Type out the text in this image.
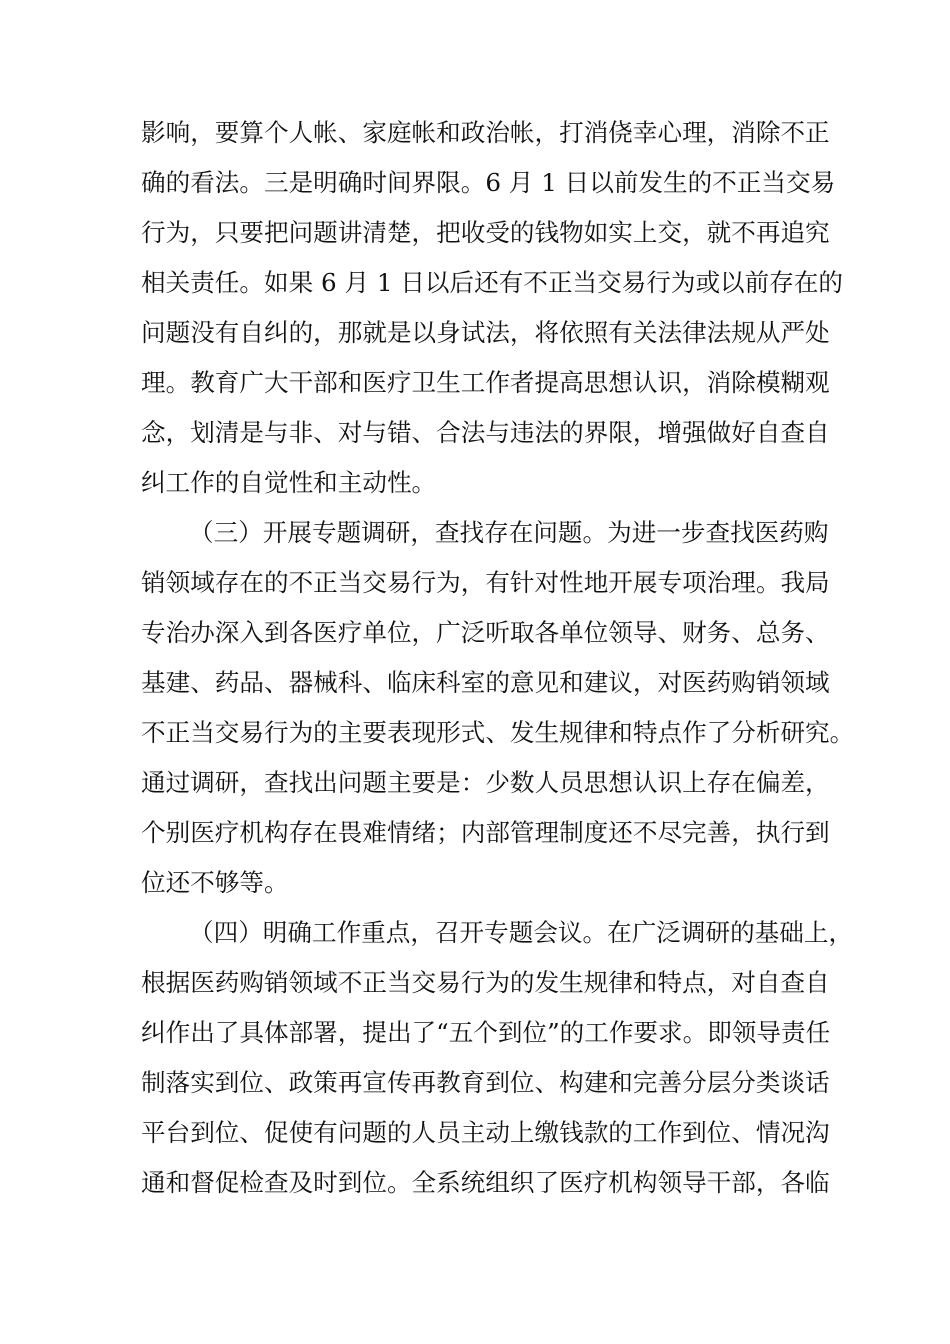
影响，要算个人帐、家庭帐和政治帐，打消侥幸心理，消除不正
确的看法。三是明确时间界限。6 月 1 日以前发生的不正当交易
行为，只要把问题讲清楚，把收受的钱物如实上交，就不再追究
相关责任。如果 6 月 1 日以后还有不正当交易行为或以前存在的
问题没有自纠的，那就是以身试法，将依照有关法律法规从严处
理。教育广大干部和医疗卫生工作者提高思想认识，消除模糊观
念，划清是与非、对与错、合法与违法的界限，增强做好自查自
纠工作的自觉性和主动性。
（三）开展专题调研，查找存在问题。为进一步查找医药购
销领域存在的不正当交易行为，有针对性地开展专项治理。我局
专治办深入到各医疗单位，广泛听取各单位领导、财务、总务、
基建、药品、器械科、临床科室的意见和建议，对医药购销领域
不正当交易行为的主要表现形式、发生规律和特点作了分析研究。
通过调研，查找出问题主要是：少数人员思想认识上存在偏差，
个别医疗机构存在畏难情绪；内部管理制度还不尽完善，执行到
位还不够等。
（四）明确工作重点，召开专题会议。在广泛调研的基础上，
根据医药购销领域不正当交易行为的发生规律和特点，对自查自
纠作出了具体部署，提出了“五个到位”的工作要求。即领导责任
制落实到位、政策再宣传再教育到位、构建和完善分层分类谈话
平台到位、促使有问题的人员主动上缴钱款的工作到位、情况沟
通和督促检查及时到位。全系统组织了医疗机构领导干部，各临
